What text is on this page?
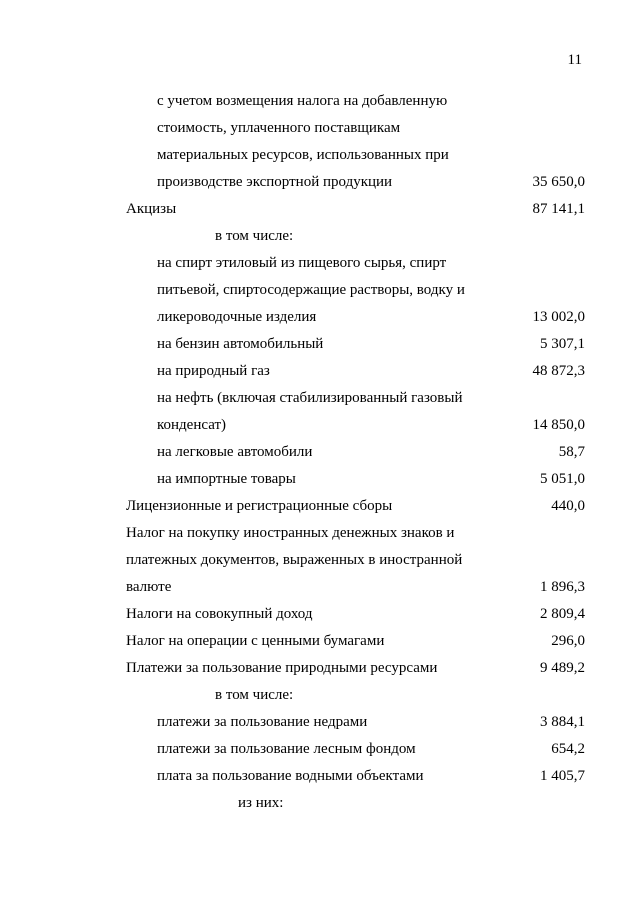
11
с учетом возмещения налога на добавленную
стоимость, уплаченного поставщикам
материальных ресурсов, использованных при
производстве экспортной продукции	35 650,0
Акцизы	87 141,1
в том числе:
на спирт этиловый из пищевого сырья, спирт
питьевой, спиртосодержащие растворы, водку и
ликероводочные изделия	13 002,0
на бензин автомобильный	5 307,1
на природный газ	48 872,3
на нефть (включая стабилизированный газовый
конденсат)	14 850,0
на легковые автомобили	58,7
на импортные товары	5 051,0
Лицензионные и регистрационные сборы	440,0
Налог на покупку иностранных денежных знаков и
платежных документов, выраженных в иностранной
валюте	1 896,3
Налоги на совокупный доход	2 809,4
Налог на операции с ценными бумагами	296,0
Платежи за пользование природными ресурсами	9 489,2
в том числе:
платежи за пользование недрами	3 884,1
платежи за пользование лесным фондом	654,2
плата за пользование водными объектами	1 405,7
из них:
